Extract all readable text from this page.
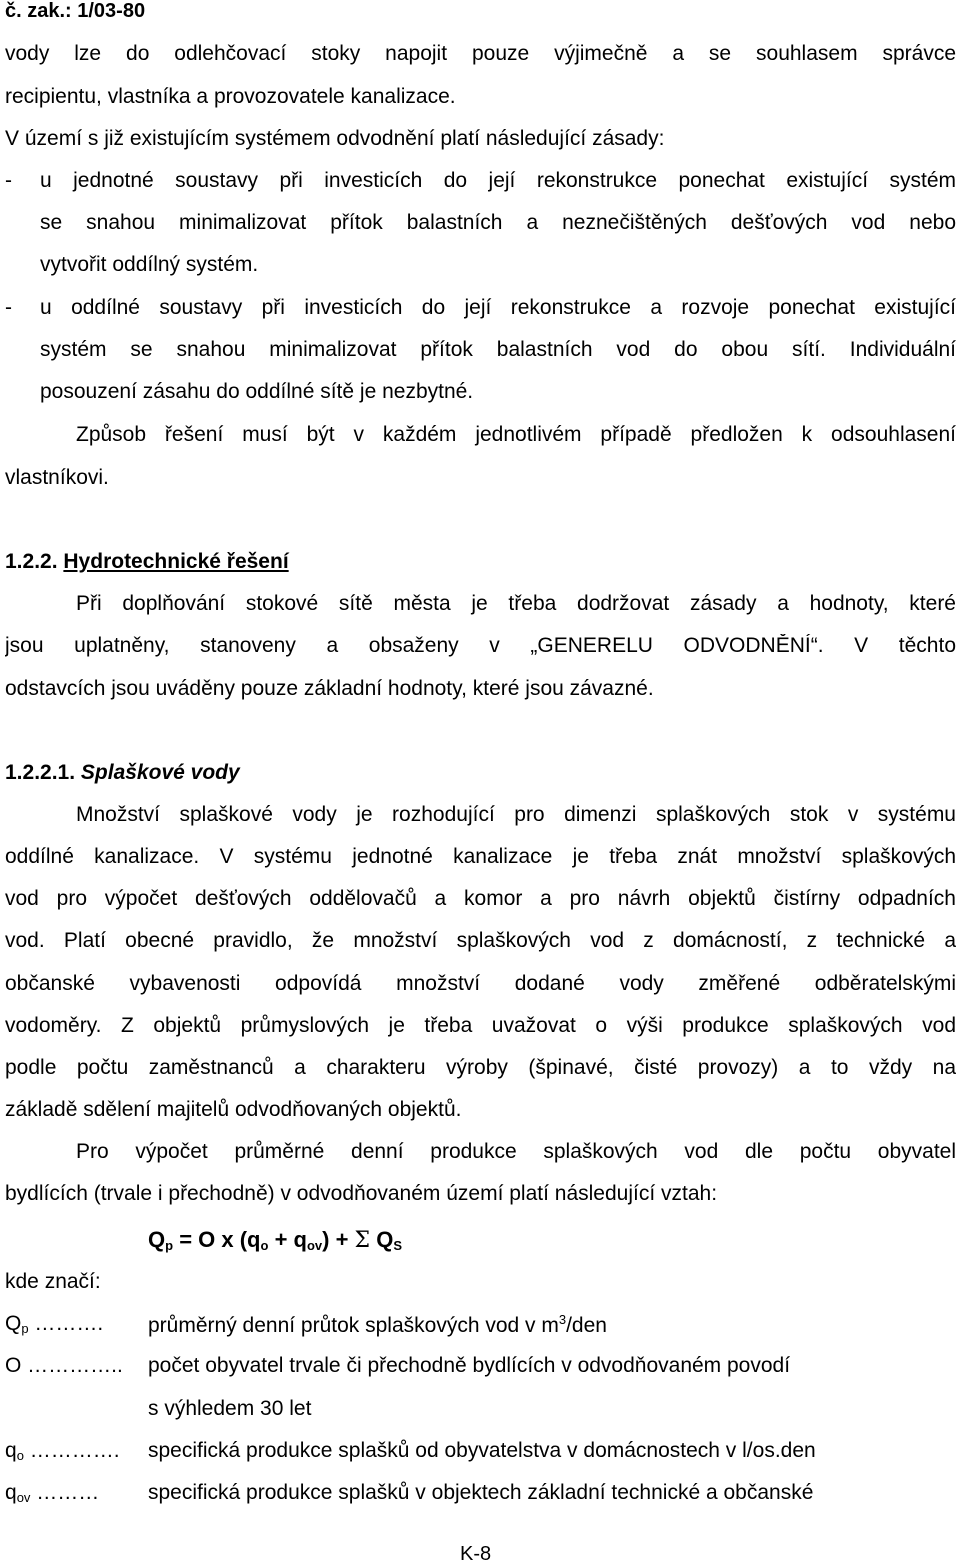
č. zak.: 1/03-80
vody lze do odlehčovací stoky napojit pouze výjimečně a se souhlasem správce
recipientu, vlastníka a provozovatele kanalizace.
V území s již existujícím systémem odvodnění platí následující zásady:
- u jednotné soustavy při investicích do její rekonstrukce ponechat existující systém
se snahou minimalizovat přítok balastních a neznečištěných dešťových vod nebo
vytvořit oddílný systém.
- u oddílné soustavy při investicích do její rekonstrukce a rozvoje ponechat existující
systém se snahou minimalizovat přítok balastních vod do obou sítí. Individuální
posouzení zásahu do oddílné sítě je nezbytné.
Způsob řešení musí být v každém jednotlivém případě předložen k odsouhlasení
vlastníkovi.
1.2.2. Hydrotechnické řešení
Při doplňování stokové sítě města je třeba dodržovat zásady a hodnoty, které
jsou uplatněny, stanoveny a obsaženy v „GENERELU ODVODNĚNÍ“. V těchto
odstavcích jsou uváděny pouze základní hodnoty, které jsou závazné.
1.2.2.1. Splaškové vody
Množství splaškové vody je rozhodující pro dimenzi splaškových stok v systému
oddílné kanalizace. V systému jednotné kanalizace je třeba znát množství splaškových
vod pro výpočet dešťových oddělovačů a komor a pro návrh objektů čistírny odpadních
vod. Platí obecné pravidlo, že množství splaškových vod z domácností, z technické a
občanské vybavenosti odpovídá množství dodané vody změřené odběratelskými
vodoměry. Z objektů průmyslových je třeba uvažovat o výši produkce splaškových vod
podle počtu zaměstnanců a charakteru výroby (špinavé, čisté provozy) a to vždy na
základě sdělení majitelů odvodňovaných objektů.
Pro výpočet průměrné denní produkce splaškových vod dle počtu obyvatel
bydlících (trvale i přechodně) v odvodňovaném území platí následující vztah:
$Q_p = O$ x $(q_o + q_{ov}) + \Sigma$ $Q_S$
kde značí:
$Q_p$ ………. průměrný denní průtok splaškových vod v $m^3$/den
O ………….. počet obyvatel trvale či přechodně bydlících v odvodňovaném povodí
s výhledem 30 let
$q_o$ …………. specifická produkce splašků od obyvatelstva v domácnostech v l/os.den
$q_{ov}$ ……… specifická produkce splašků v objektech základní technické a občanské
K-8
